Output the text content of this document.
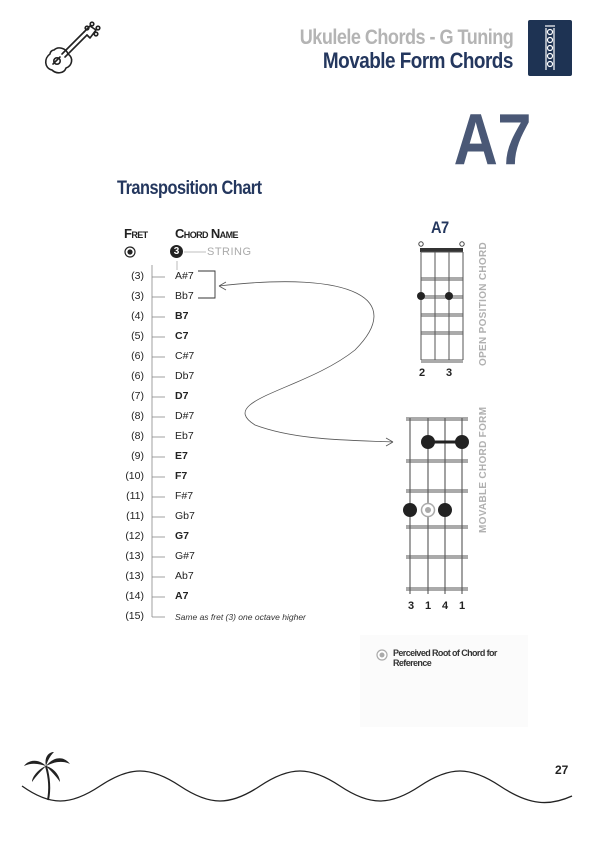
Ukulele Chords - G Tuning
Movable Form Chords
A7
Transposition Chart
Fret Chord Name
3	STRING
(3)	A#7
(3)	Bb7
(4)	B7
(5)	C7
(6)	C#7
(6)	Db7
(7)	D7
(8)	D#7
(8)	Eb7
(9)	E7
(10)	F7
(11)	F#7
(11)	Gb7
(12)	G7
(13)	G#7
(13)	Ab7
(14)	A7
(15)	Same as fret (3) one octave higher
A7
2	3
OPEN POSITION CHORD
3 1 4 1
MOVABLE CHORD FORM
Perceived Root of Chord for Reference
27
